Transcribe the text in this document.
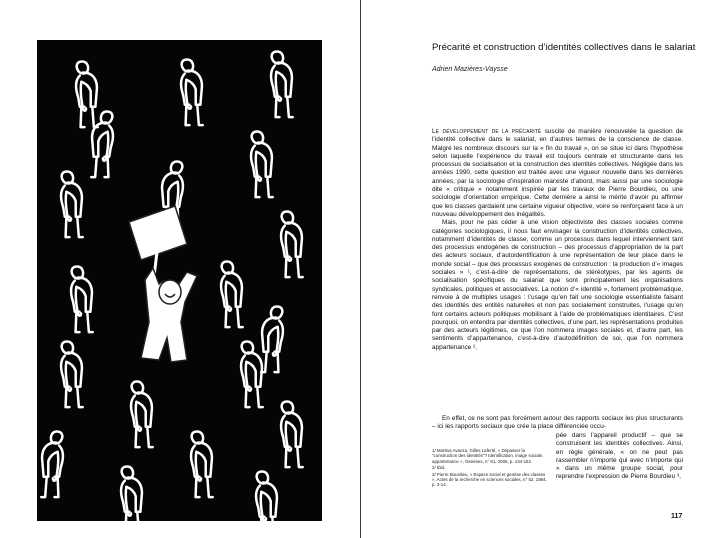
Précarité et construction d’identités collectives dans le salariat
Adrien Mazières-Vaysse

Le développement de la précarité suscite de manière renouvelée la question de l’identité collective dans le salariat, en d’autres termes de la conscience de classe. Malgré les nombreux discours sur la « fin du travail », on se situe ici dans l’hypothèse selon laquelle l’expérience du travail est toujours centrale et structurante dans les processus de socialisation et la construction des identités collectives. Négligée dans les années 1990, cette question est traitée avec une vigueur nouvelle dans les dernières années, par la sociologie d’inspiration marxiste d’abord, mais aussi par une sociologie dite « critique » notamment inspirée par les travaux de Pierre Bourdieu, ou une sociologie d’orientation empirique. Cette dernière a ainsi le mérite d’avoir pu affirmer que les classes gardaient une certaine vigueur objective, voire se renforçaient face à un nouveau développement des inégalités.

Mais, pour ne pas céder à une vision objectiviste des classes sociales comme catégories sociologiques, il nous faut envisager la construction d’identités collectives, notamment d’identités de classe, comme un processus dans lequel interviennent tant des processus endogènes de construction – des processus d’appropriation de la part des acteurs sociaux, d’autoidentification à une représentation de leur place dans le monde social – que des processus exogènes de construction : la production d’« images sociales » ¹, c’est-à-dire de représentations, de stéréotypes, par les agents de socialisation spécifiques du salariat que sont principalement les organisations syndicales, politiques et associatives. La notion d’« identité », fortement problématique, renvoie à de multiples usages : l’usage qu’en fait une sociologie essentialiste faisant des identités des entités naturelles et non pas socialement construites, l’usage qu’en font certains acteurs politiques mobilisant à l’aide de problématiques identitaires. C’est pourquoi, on entendra par identités collectives, d’une part, les représentations produites par des acteurs légitimes, ce que l’on nommera images sociales et, d’autre part, les sentiments d’appartenance, c’est-à-dire d’autodéfinition de soi, que l’on nommera appartenance ².

En effet, ce ne sont pas forcément autour des rapports sociaux les plus structurants – ici les rapports sociaux que crée la place différenciée occu-

pée dans l’appareil productif – que se construisent les identités collectives. Ainsi, en règle générale, « on ne peut pas rassembler n’importe qui avec n’importe qui » dans un même groupe social, pour reprendre l’expression de Pierre Bourdieu ³,
1/ Martina Avanza, Gilles Laferté, « Dépasser la “construction des identités”? Identification, image sociale, appartenance », Genèses, n° 61, 2005, p. 134-152.
2/ Ibid.
3/ Pierre Bourdieu, « Espace social et genèse des classes », Actes de la recherche en sciences sociales, n° 52, 1984, p. 3-14.
117
